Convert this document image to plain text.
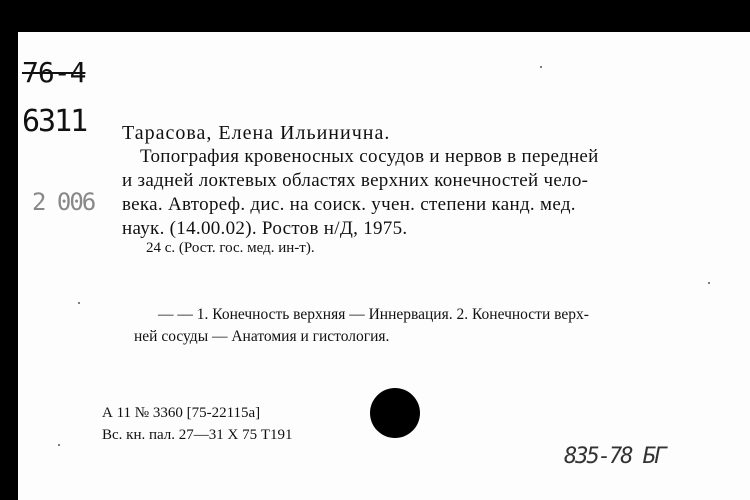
76-4
6311
2 006
Тарасова, Елена Ильинична.
Топография кровеносных сосудов и нервов в передней
и задней локтевых областях верхних конечностей чело-
века. Автореф. дис. на соиск. учен. степени канд. мед.
наук. (14.00.02). Ростов н/Д, 1975.
24 с. (Рост. гос. мед. ин-т).
— — 1. Конечность верхняя — Иннервация. 2. Конечности верх-
ней сосуды — Анатомия и гистология.
А 11 № 3360 [75-22115а]
Вс. кн. пал. 27—31 Х 75 Т191
835-78 БГ
